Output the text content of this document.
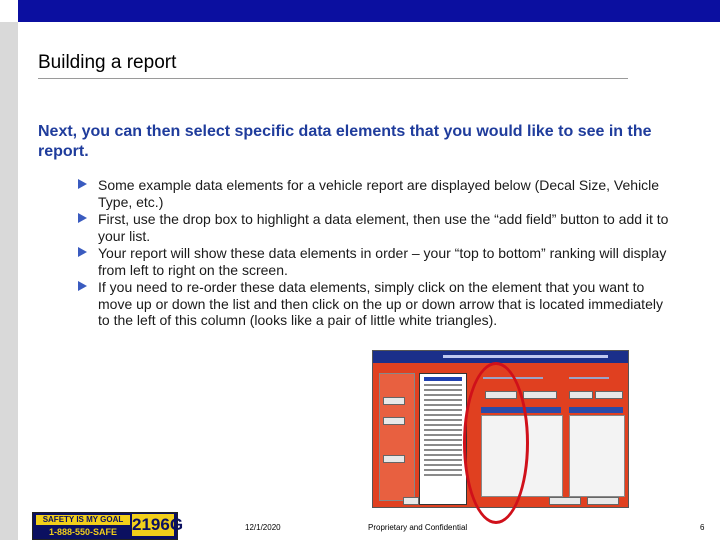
Building a report
Next, you can then select specific data elements that you would like to see in the report.
Some example data elements for a vehicle report are displayed below (Decal Size, Vehicle Type, etc.)
First, use the drop box to highlight a data element, then use the “add field” button to add it to your list.
Your report will show these data elements in order – your “top to bottom” ranking will display from left to right on the screen.
If you need to re-order these data elements, simply click on the element that you want to move up or down the list and then click on the up or down arrow that is located immediately to the left of this column (looks like a pair of little white triangles).
SAFETY IS MY GOAL
1-888-550-SAFE 2196G	12/1/2020	Proprietary and Confidential	6
